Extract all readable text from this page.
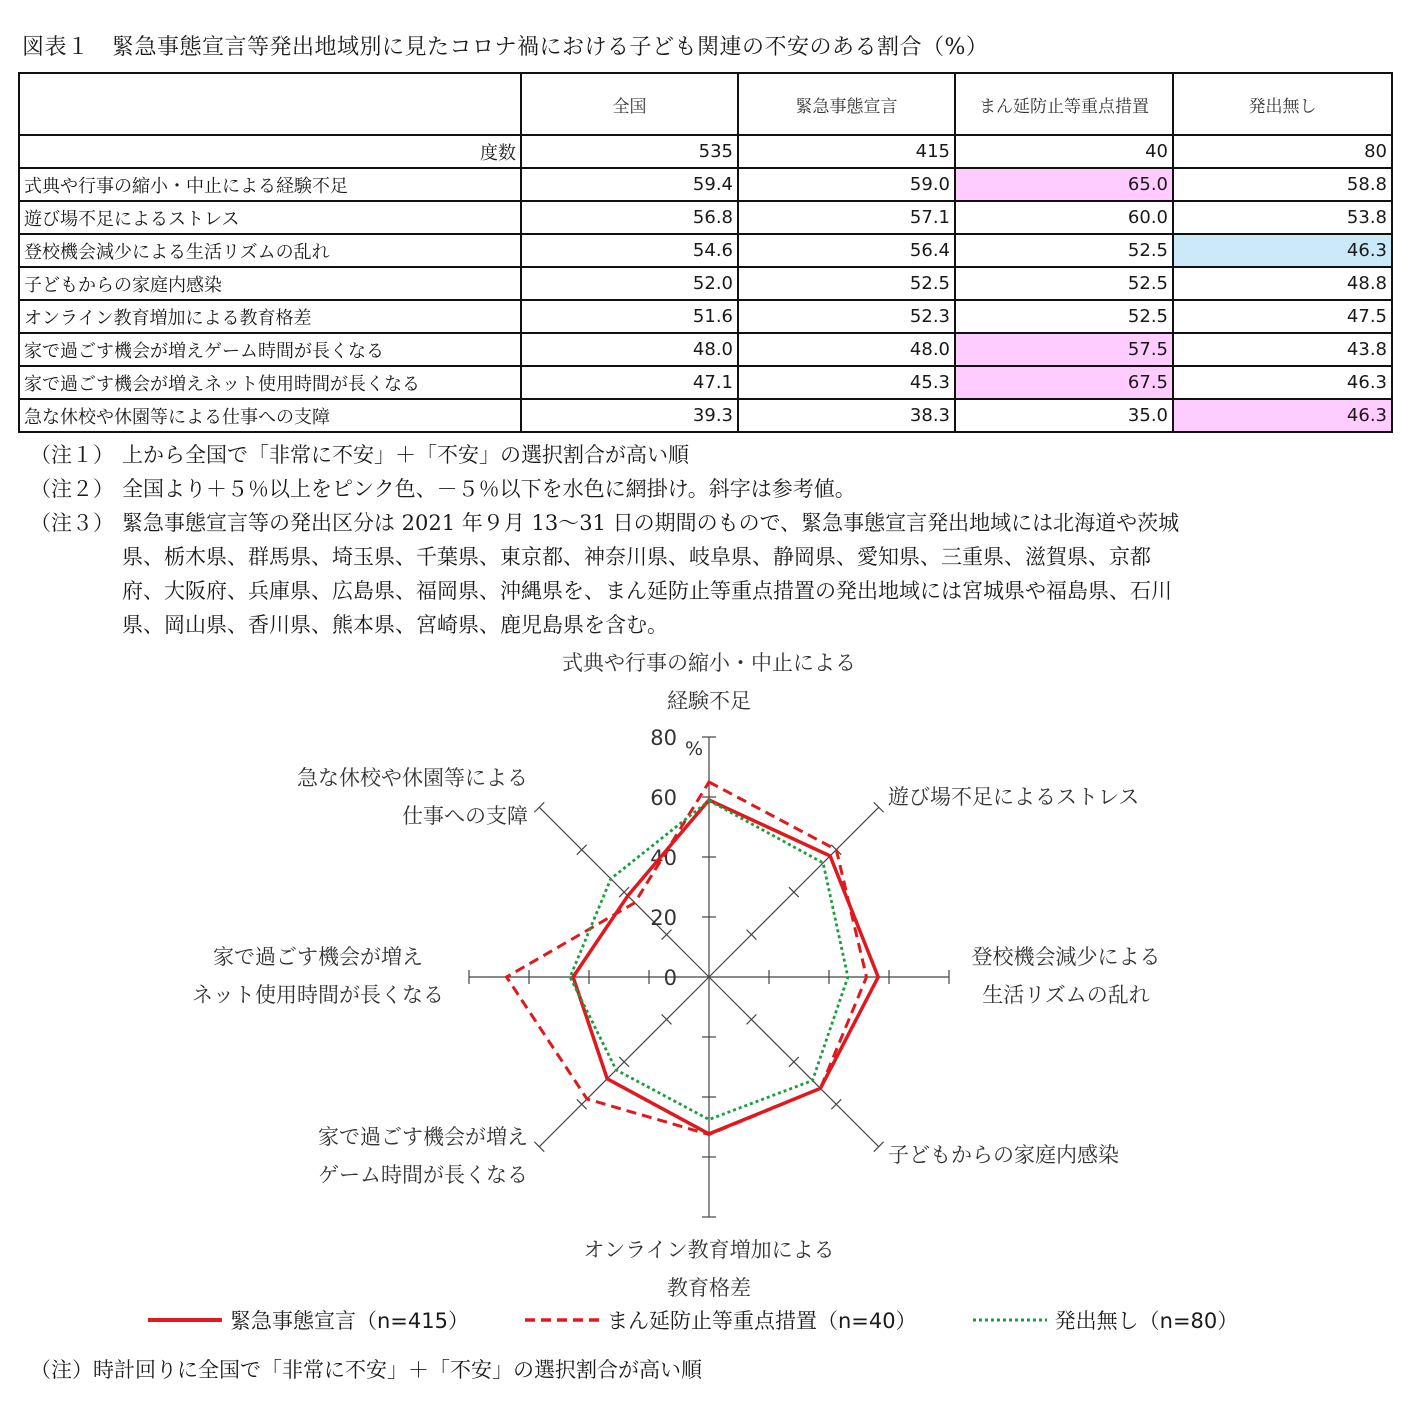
図表１　緊急事態宣言等発出地域別に見たコロナ禍における子ども関連の不安のある割合（%）
	全国	緊急事態宣言	まん延防止等重点措置	発出無し
度数	535	415	40	80
式典や行事の縮小・中止による経験不足	59.4	59.0	65.0	58.8
遊び場不足によるストレス	56.8	57.1	60.0	53.8
登校機会減少による生活リズムの乱れ	54.6	56.4	52.5	46.3
子どもからの家庭内感染	52.0	52.5	52.5	48.8
オンライン教育増加による教育格差	51.6	52.3	52.5	47.5
家で過ごす機会が増えゲーム時間が長くなる	48.0	48.0	57.5	43.8
家で過ごす機会が増えネット使用時間が長くなる	47.1	45.3	67.5	46.3
急な休校や休園等による仕事への支障	39.3	38.3	35.0	46.3
（注１） 上から全国で「非常に不安」＋「不安」の選択割合が高い順
（注２） 全国より＋５％以上をピンク色、－５％以下を水色に網掛け。斜字は参考値。
（注３） 緊急事態宣言等の発出区分は 2021 年９月 13～31 日の期間のもので、緊急事態宣言発出地域には北海道や茨城
県、栃木県、群馬県、埼玉県、千葉県、東京都、神奈川県、岐阜県、静岡県、愛知県、三重県、滋賀県、京都
府、大阪府、兵庫県、広島県、福岡県、沖縄県を、まん延防止等重点措置の発出地域には宮城県や福島県、石川
県、岡山県、香川県、熊本県、宮崎県、鹿児島県を含む。
0
20
40
60
80 %
式典や行事の縮小・中止による
経験不足
遊び場不足によるストレス
登校機会減少による
生活リズムの乱れ
子どもからの家庭内感染
オンライン教育増加による
教育格差
家で過ごす機会が増え
ゲーム時間が長くなる
家で過ごす機会が増え
ネット使用時間が長くなる
急な休校や休園等による
仕事への支障
緊急事態宣言（n=415）	まん延防止等重点措置（n=40）	発出無し（n=80）
（注）時計回りに全国で「非常に不安」＋「不安」の選択割合が高い順
